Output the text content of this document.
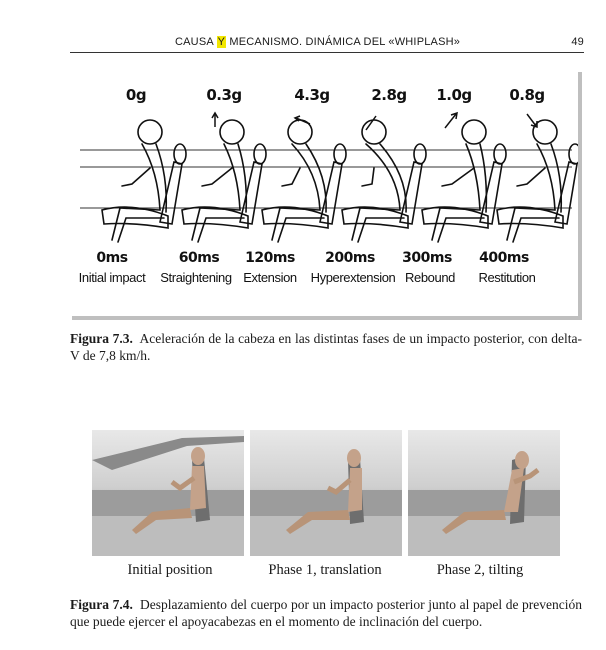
CAUSA Y MECANISMO. DINÁMICA DEL «WHIPLASH»	49
0g	0.3g	4.3g	2.8g 1.0g	0.8g
0ms	60ms 120ms 200ms 300ms 400ms
Initial impact Straightening Extension Hyperextension Rebound Restitution

Figura 7.3. Aceleración de la cabeza en las distintas fases de un impacto posterior, con delta-V de 7,8 km/h.

Initial position	Phase 1, translation	Phase 2, tilting

Figura 7.4. Desplazamiento del cuerpo por un impacto posterior junto al papel de prevención que puede ejercer el apoyacabezas en el momento de inclinación del cuerpo.
